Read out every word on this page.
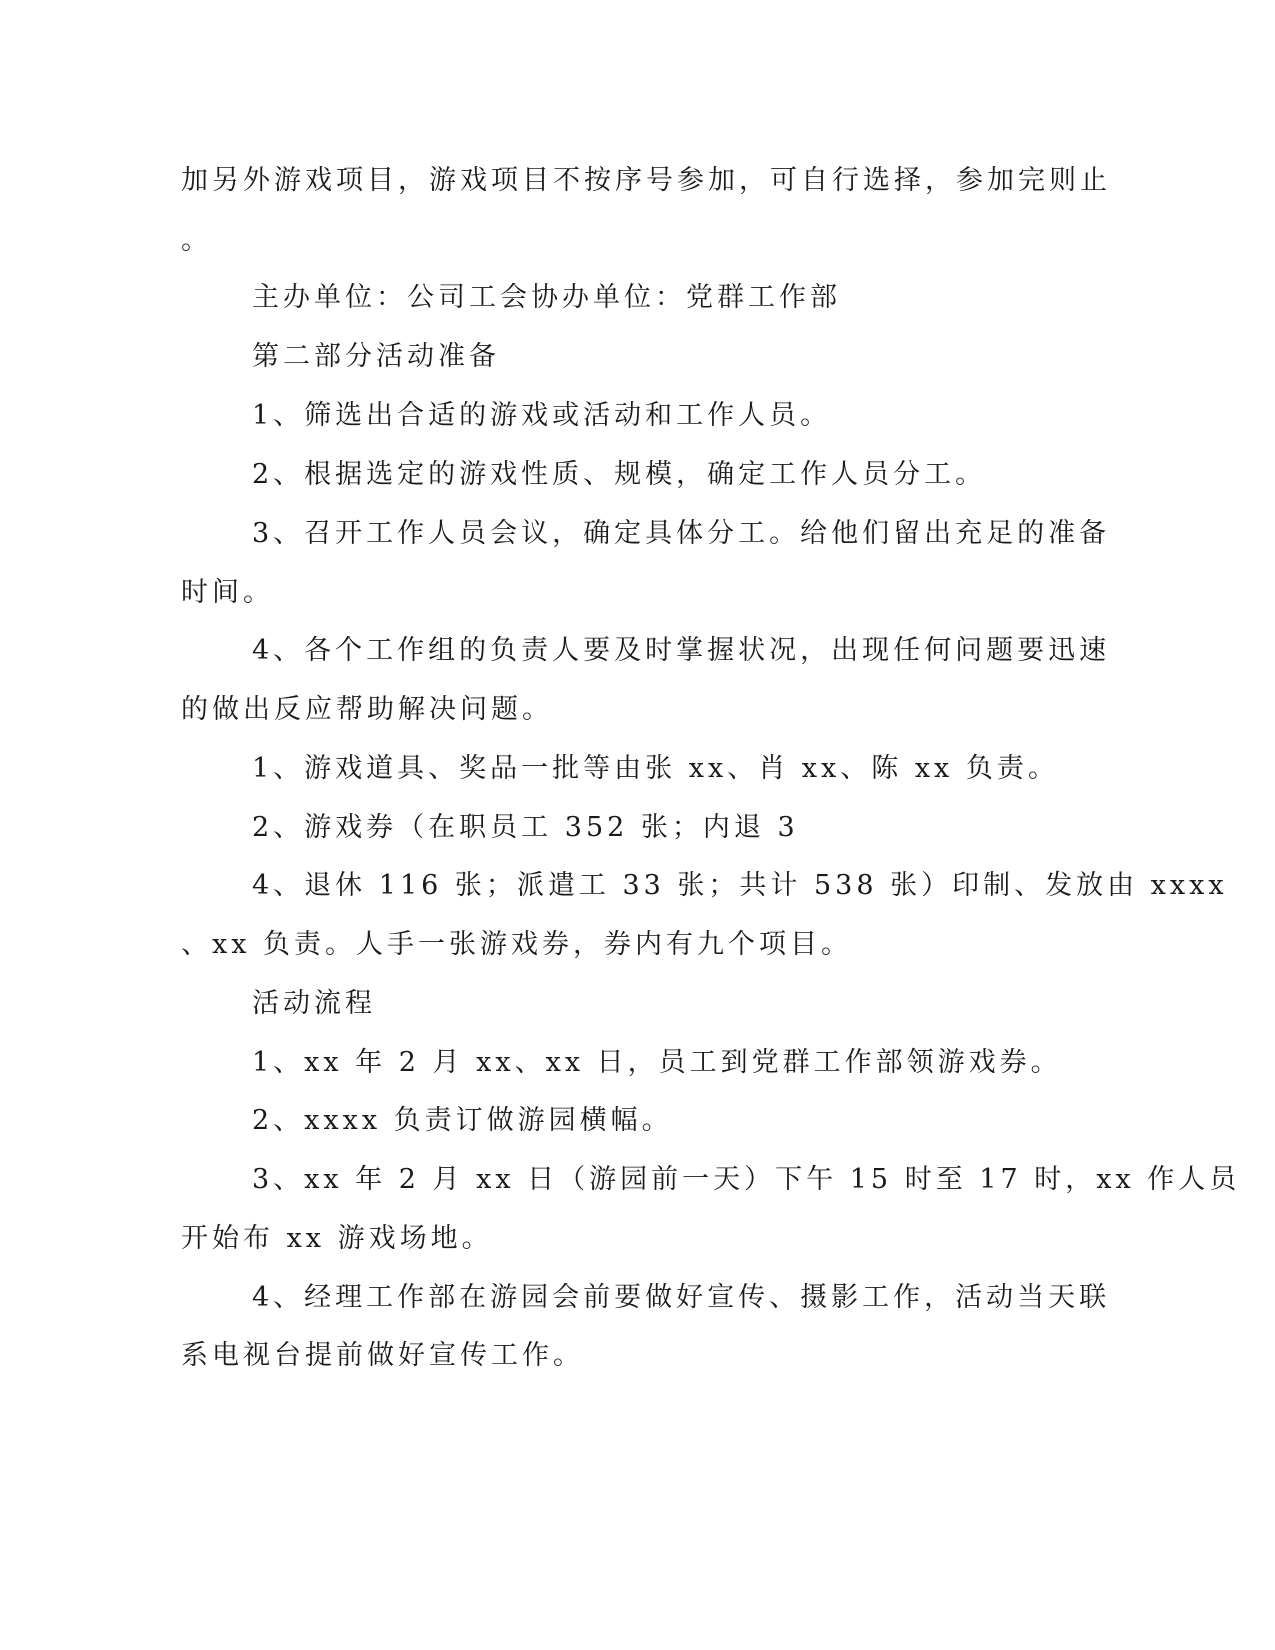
加另外游戏项目，游戏项目不按序号参加，可自行选择，参加完则止
。
主办单位：公司工会协办单位：党群工作部
第二部分活动准备
1、筛选出合适的游戏或活动和工作人员。
2、根据选定的游戏性质、规模，确定工作人员分工。
3、召开工作人员会议，确定具体分工。给他们留出充足的准备
时间。
4、各个工作组的负责人要及时掌握状况，出现任何问题要迅速
的做出反应帮助解决问题。
1、游戏道具、奖品一批等由张 xx、肖 xx、陈 xx 负责。
2、游戏券（在职员工 352 张；内退 3
4、退休 116 张；派遣工 33 张；共计 538 张）印制、发放由 xxxx
、xx 负责。人手一张游戏券，券内有九个项目。
活动流程
1、xx 年 2 月 xx、xx 日，员工到党群工作部领游戏券。
2、xxxx 负责订做游园横幅。
3、xx 年 2 月 xx 日（游园前一天）下午 15 时至 17 时，xx 作人员
开始布 xx 游戏场地。
4、经理工作部在游园会前要做好宣传、摄影工作，活动当天联
系电视台提前做好宣传工作。
